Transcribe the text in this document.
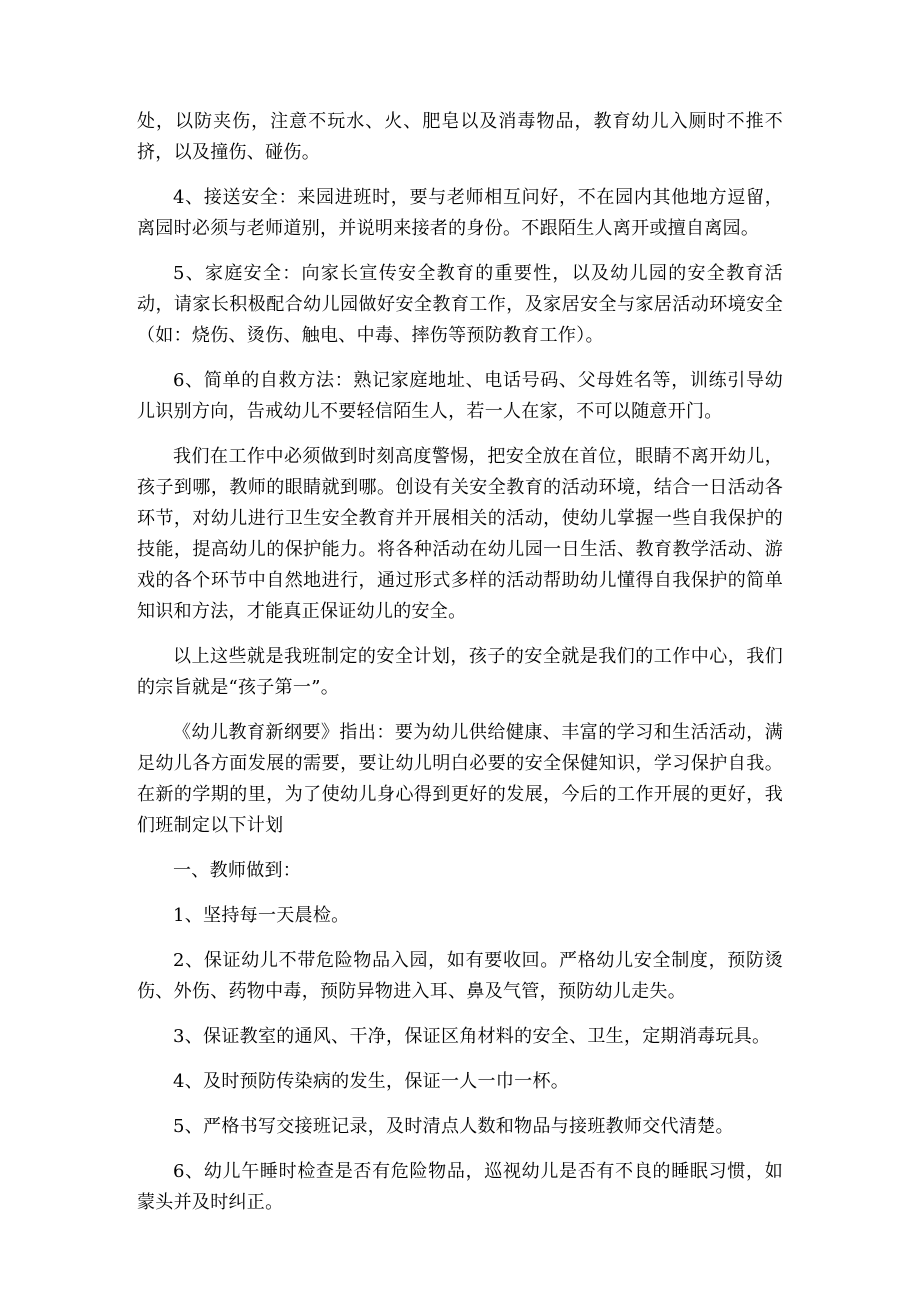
处，以防夹伤，注意不玩水、火、肥皂以及消毒物品，教育幼儿入厕时不推不挤，以及撞伤、碰伤。

4、接送安全：来园进班时，要与老师相互问好，不在园内其他地方逗留，离园时必须与老师道别，并说明来接者的身份。不跟陌生人离开或擅自离园。

5、家庭安全：向家长宣传安全教育的重要性，以及幼儿园的安全教育活动，请家长积极配合幼儿园做好安全教育工作，及家居安全与家居活动环境安全（如：烧伤、烫伤、触电、中毒、摔伤等预防教育工作）。

6、简单的自救方法：熟记家庭地址、电话号码、父母姓名等，训练引导幼儿识别方向，告戒幼儿不要轻信陌生人，若一人在家，不可以随意开门。

我们在工作中必须做到时刻高度警惕，把安全放在首位，眼睛不离开幼儿，孩子到哪，教师的眼睛就到哪。创设有关安全教育的活动环境，结合一日活动各环节，对幼儿进行卫生安全教育并开展相关的活动，使幼儿掌握一些自我保护的技能，提高幼儿的保护能力。将各种活动在幼儿园一日生活、教育教学活动、游戏的各个环节中自然地进行，通过形式多样的活动帮助幼儿懂得自我保护的简单知识和方法，才能真正保证幼儿的安全。

以上这些就是我班制定的安全计划，孩子的安全就是我们的工作中心，我们的宗旨就是“孩子第一”。

《幼儿教育新纲要》指出：要为幼儿供给健康、丰富的学习和生活活动，满足幼儿各方面发展的需要，要让幼儿明白必要的安全保健知识，学习保护自我。在新的学期的里，为了使幼儿身心得到更好的发展，今后的工作开展的更好，我们班制定以下计划

一、教师做到：

1、坚持每一天晨检。

2、保证幼儿不带危险物品入园，如有要收回。严格幼儿安全制度，预防烫伤、外伤、药物中毒，预防异物进入耳、鼻及气管，预防幼儿走失。

3、保证教室的通风、干净，保证区角材料的安全、卫生，定期消毒玩具。

4、及时预防传染病的发生，保证一人一巾一杯。

5、严格书写交接班记录，及时清点人数和物品与接班教师交代清楚。

6、幼儿午睡时检查是否有危险物品，巡视幼儿是否有不良的睡眠习惯，如蒙头并及时纠正。
